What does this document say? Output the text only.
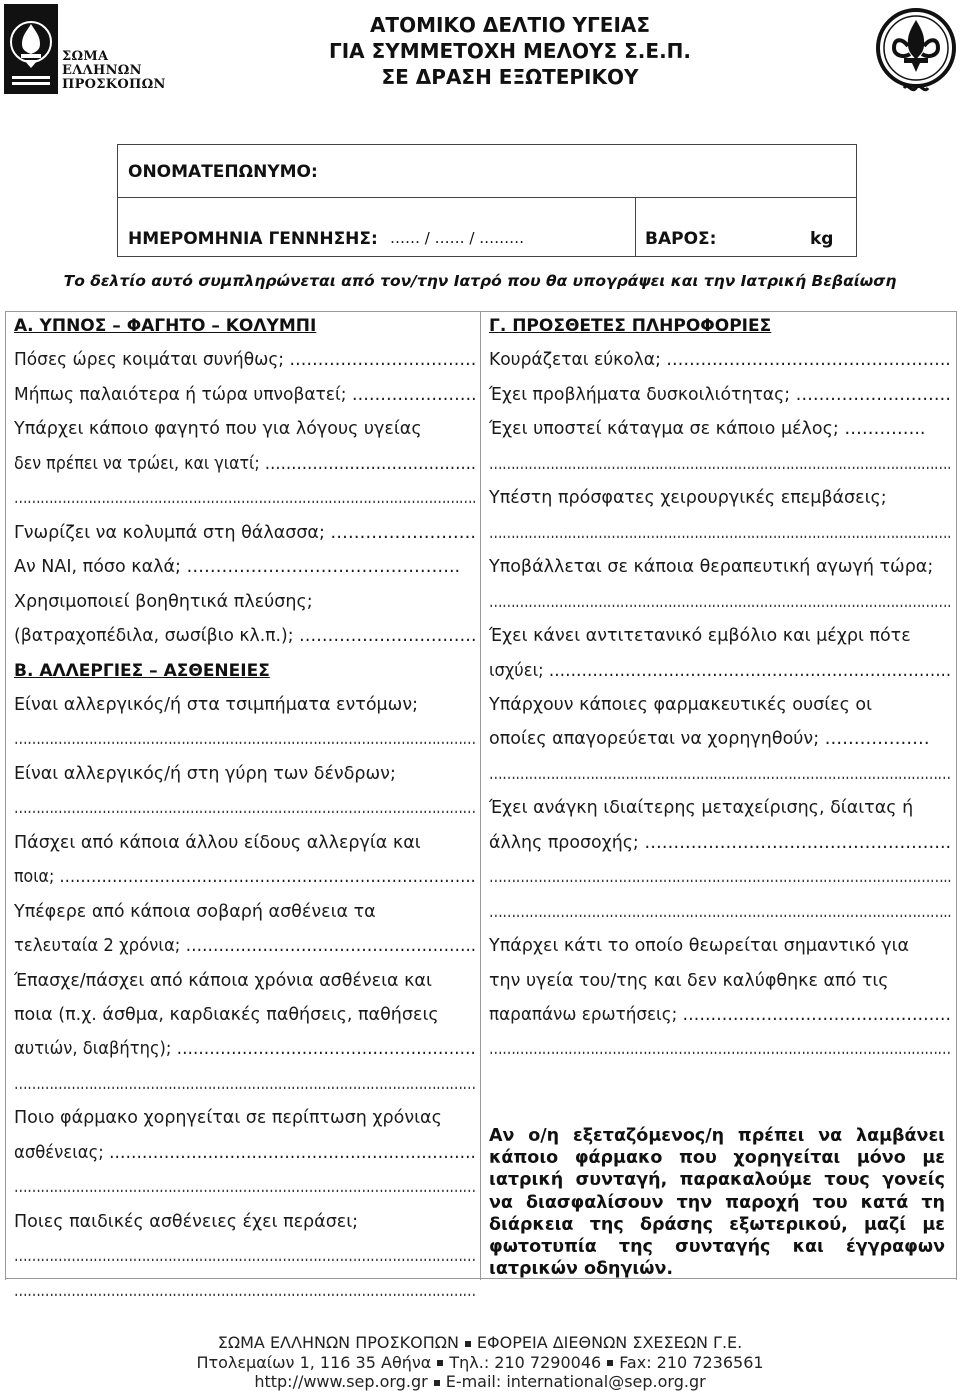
ΣΩΜΑ
ΕΛΛΗΝΩΝ
ΠΡΟΣΚΟΠΩΝ
ΑΤΟΜΙΚΟ ΔΕΛΤΙΟ ΥΓΕΙΑΣ
ΓΙΑ ΣΥΜΜΕΤΟΧΗ ΜΕΛΟΥΣ Σ.Ε.Π.
ΣΕ ΔΡΑΣΗ ΕΞΩΤΕΡΙΚΟΥ
ΟΝΟΜΑΤΕΠΩΝΥΜΟ:
ΗΜΕΡΟΜΗΝΙΑ ΓΕΝΝΗΣΗΣ: …… / …… / ………	ΒΑΡΟΣ:	kg
Το δελτίο αυτό συμπληρώνεται από τον/την Ιατρό που θα υπογράψει και την Ιατρική Βεβαίωση
Α. ΥΠΝΟΣ – ΦΑΓΗΤΟ – ΚΟΛΥΜΠΙ
Πόσες ώρες κοιμάται συνήθως; ……………………………
Μήπως παλαιότερα ή τώρα υπνοβατεί; ………………….
Υπάρχει κάποιο φαγητό που για λόγους υγείας
δεν πρέπει να τρώει, και γιατί; ………………………………….
…………………………………………………………………………………………….
Γνωρίζει να κολυμπά στη θάλασσα; …………………….
Αν ΝΑΙ, πόσο καλά; ………………………………………..
Χρησιμοποιεί βοηθητικά πλεύσης;
(βατραχοπέδιλα, σωσίβιο κλ.π.); ………………………….
Β. ΑΛΛΕΡΓΙΕΣ – ΑΣΘΕΝΕΙΕΣ
Είναι αλλεργικός/ή στα τσιμπήματα εντόμων;
……………………………………………………………………………………………
Είναι αλλεργικός/ή στη γύρη των δένδρων;
……………………………………………………………………………………………
Πάσχει από κάποια άλλου είδους αλλεργία και
ποια; …………………………………………………………………….
Υπέφερε από κάποια σοβαρή ασθένεια τα
τελευταία 2 χρόνια; ……………………………………………..
Έπασχε/πάσχει από κάποια χρόνια ασθένεια και
ποια (π.χ. άσθμα, καρδιακές παθήσεις, παθήσεις
αυτιών, διαβήτης); ……………………………………………….
……………………………………………………………………………………………
Ποιο φάρμακο χορηγείται σε περίπτωση χρόνιας
ασθένειας; ………………………………………………………….
……………………………………………………………………………………………
Ποιες παιδικές ασθένειες έχει περάσει;
……………………………………………………………………………………………
……………………………………………………………………………………………
Γ. ΠΡΟΣΘΕΤΕΣ ΠΛΗΡΟΦΟΡΙΕΣ
Κουράζεται εύκολα; …………………………………………..
Έχει προβλήματα δυσκοιλιότητας; ………………………
Έχει υποστεί κάταγμα σε κάποιο μέλος; …………..
…………………………………………………………………………………………….
Υπέστη πρόσφατες χειρουργικές επεμβάσεις;
…………………………………………………………………………………………….
Υποβάλλεται σε κάποια θεραπευτική αγωγή τώρα;
…………………………………………………………………………………………….
Έχει κάνει αντιτετανικό εμβόλιο και μέχρι πότε
ισχύει; ………………………………………………………………..
Υπάρχουν κάποιες φαρμακευτικές ουσίες οι
οποίες απαγορεύεται να χορηγηθούν; ………………
……………………………………………………………………………………………
Έχει ανάγκη ιδιαίτερης μεταχείρισης, δίαιτας ή
άλλης προσοχής; ……………………………………………..
…………………………………………………………………………………………..
…………………………………………………………………………………………..
Υπάρχει κάτι το οποίο θεωρείται σημαντικό για
την υγεία του/της και δεν καλύφθηκε από τις
παραπάνω ερωτήσεις; …………………………………………
……………………………………………………………………………………………
Αν ο/η εξεταζόμενος/η πρέπει να λαμβάνει κάποιο φάρμακο που χορηγείται μόνο με ιατρική συνταγή, παρακαλούμε τους γονείς να διασφαλίσουν την παροχή του κατά τη διάρκεια της δράσης εξωτερικού, μαζί με φωτοτυπία της συνταγής και έγγραφων ιατρικών οδηγιών.
ΣΩΜΑ ΕΛΛΗΝΩΝ ΠΡΟΣΚΟΠΩΝ ΕΦΟΡΕΙΑ ΔΙΕΘΝΩΝ ΣΧΕΣΕΩΝ Γ.Ε.
Πτολεμαίων 1, 116 35 Αθήνα Τηλ.: 210 7290046 Fax: 210 7236561
http://www.sep.org.gr E-mail: international@sep.org.gr
